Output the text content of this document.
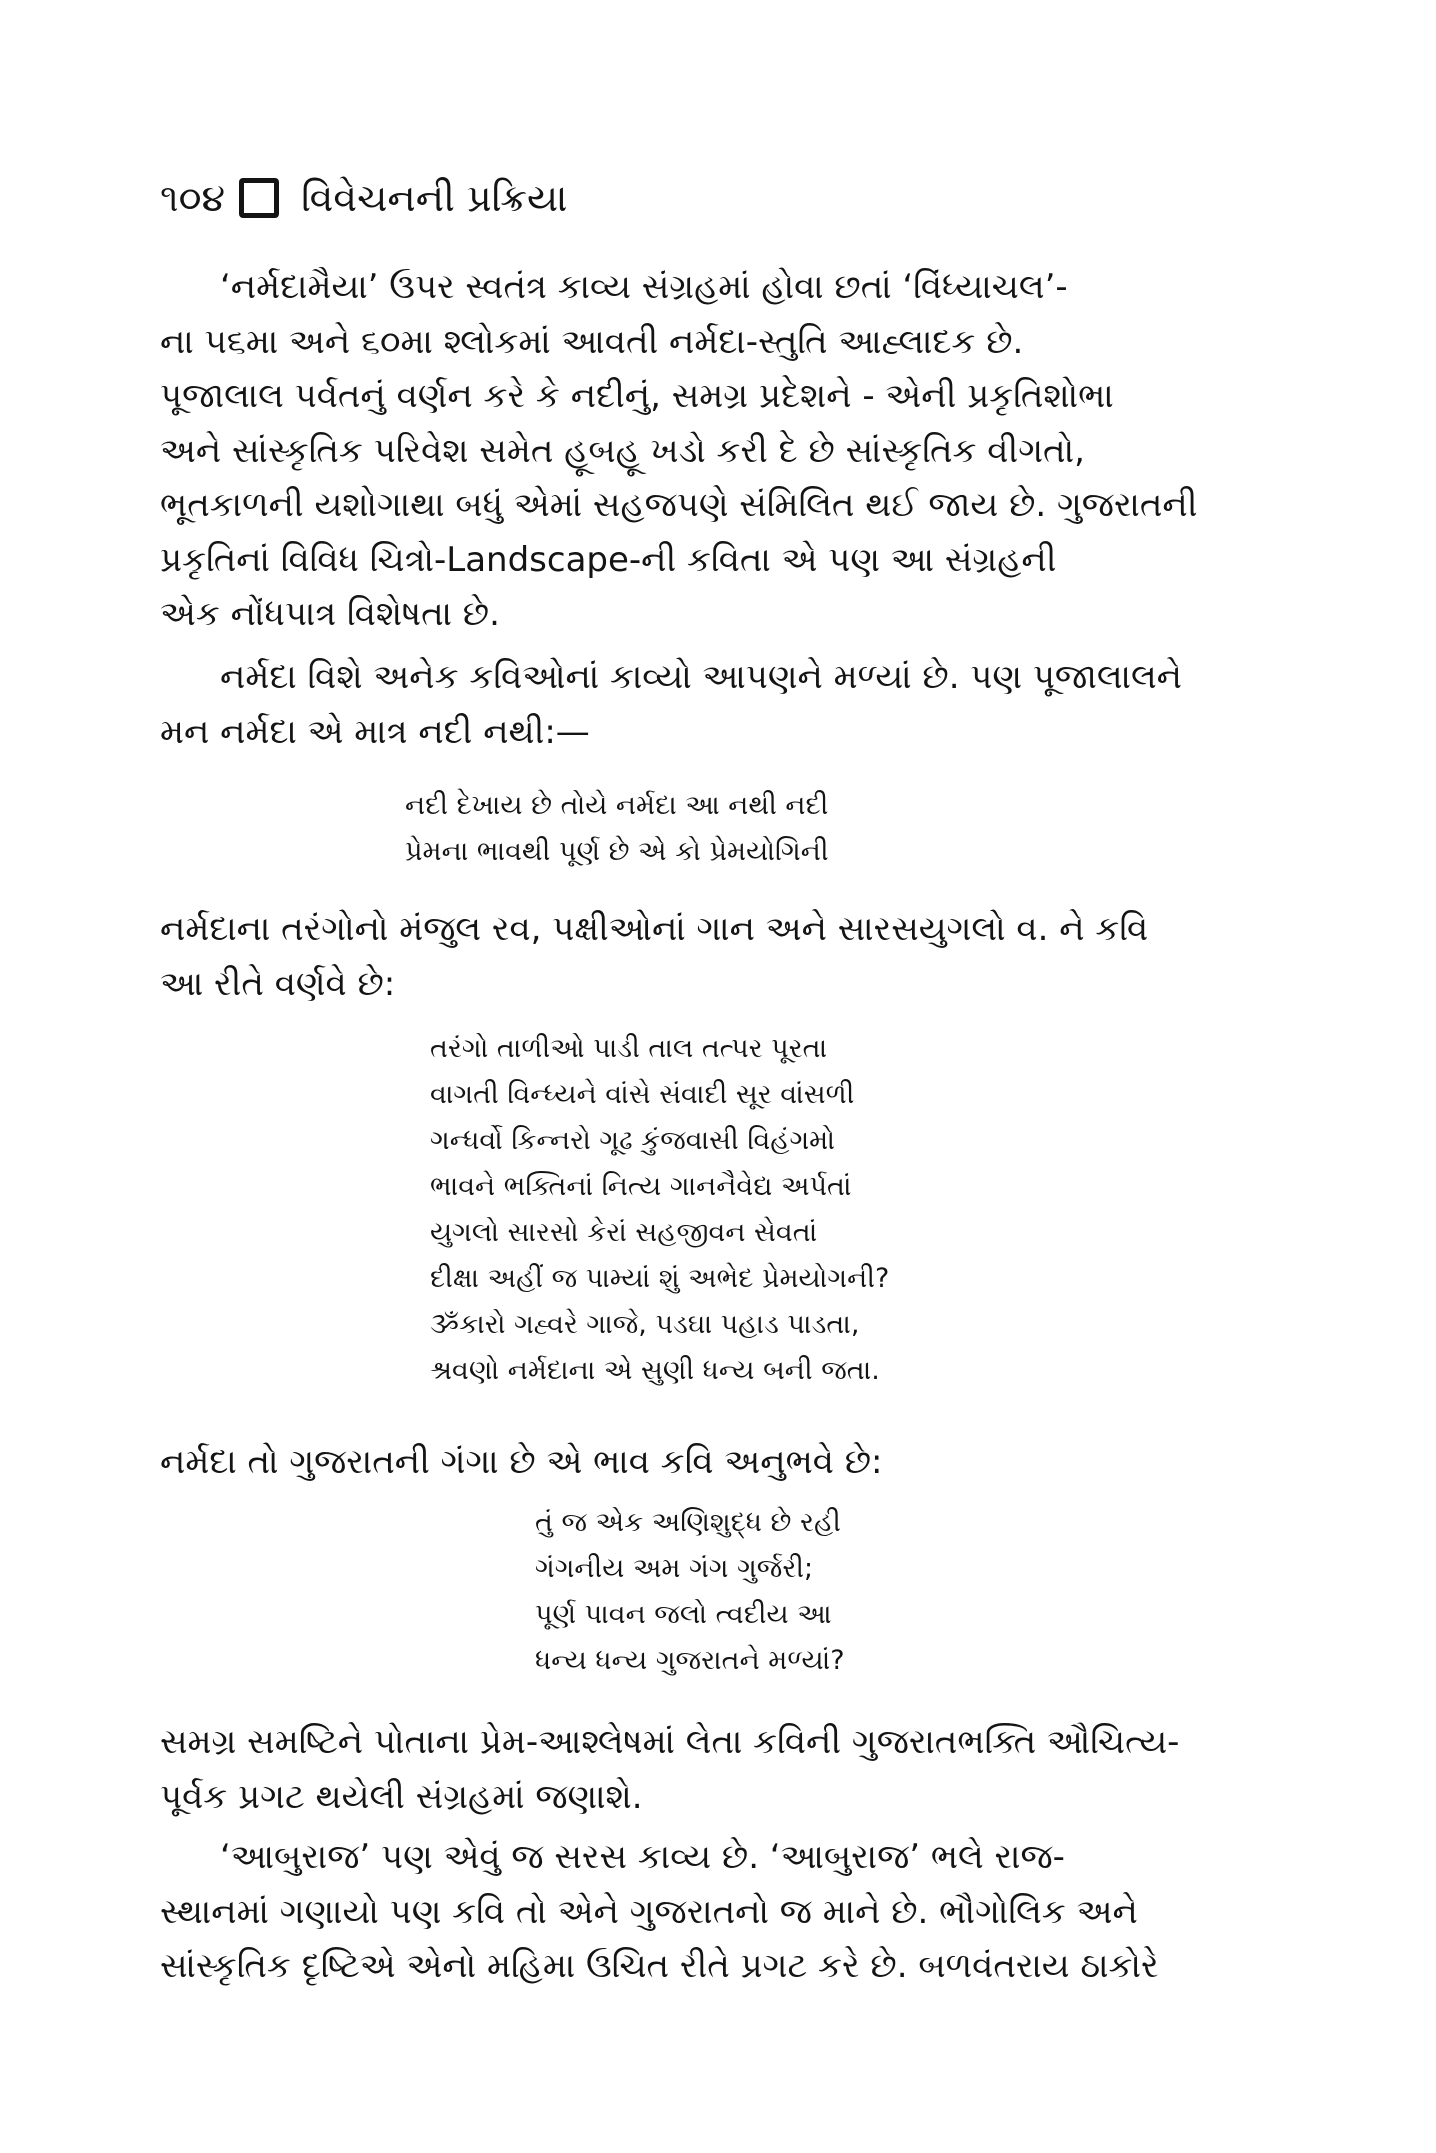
૧૦૪ વિવેચનની પ્રક્રિયા
‘નર્મદામૈયા’ ઉપર સ્વતંત્ર કાવ્ય સંગ્રહમાં હોવા છતાં ‘વિંધ્યાચલ’-
ના ૫૬મા અને ૬૦મા શ્લોકમાં આવતી નર્મદા-સ્તુતિ આહ્લાદક છે.
પૂજાલાલ પર્વતનું વર્ણન કરે કે નદીનું, સમગ્ર પ્રદેશને - એની પ્રકૃતિશોભા
અને સાંસ્કૃતિક પરિવેશ સમેત હૂબહૂ ખડો કરી દે છે સાંસ્કૃતિક વીગતો,
ભૂતકાળની યશોગાથા બધું એમાં સહજપણે સંમિલિત થઈ જાય છે. ગુજરાતની
પ્રકૃતિનાં વિવિધ ચિત્રો-Landscape-ની કવિતા એ પણ આ સંગ્રહની
એક નોંધપાત્ર વિશેષતા છે.
નર્મદા વિશે અનેક કવિઓનાં કાવ્યો આપણને મળ્યાં છે. પણ પૂજાલાલને
મન નર્મદા એ માત્ર નદી નથી:—
નદી દેખાય છે તોયે નર્મદા આ નથી નદી
પ્રેમના ભાવથી પૂર્ણ છે એ કો પ્રેમયોગિની
નર્મદાના તરંગોનો મંજુલ રવ, પક્ષીઓનાં ગાન અને સારસયુગલો વ. ને કવિ
આ રીતે વર્ણવે છે:
તરંગો તાળીઓ પાડી તાલ તત્પર પૂરતા
વાગતી વિન્ધ્યને વાંસે સંવાદી સૂર વાંસળી
ગન્ધર્વો કિન્નરો ગૂઢ કુંજવાસી વિહંગમો
ભાવને ભક્તિનાં નિત્ય ગાનનૈવેદ્ય અર્પતાં
યુગલો સારસો કેરાં સહજીવન સેવતાં
દીક્ષા અહીં જ પામ્યાં શું અભેદ પ્રેમયોગની?
ૐકારો ગહ્વરે ગાજે, પડઘા પહાડ પાડતા,
શ્રવણો નર્મદાના એ સુણી ધન્ય બની જતા.
નર્મદા તો ગુજરાતની ગંગા છે એ ભાવ કવિ અનુભવે છે:
તું જ એક અણિશુદ્ધ છે રહી
ગંગનીય અમ ગંગ ગુર્જરી;
પૂર્ણ પાવન જલો ત્વદીય આ
ધન્ય ધન્ય ગુજરાતને મળ્યાં?
સમગ્ર સમષ્ટિને પોતાના પ્રેમ-આશ્લેષમાં લેતા કવિની ગુજરાતભક્તિ ઔચિત્ય-
પૂર્વક પ્રગટ થયેલી સંગ્રહમાં જણાશે.
‘આબુરાજ’ પણ એવું જ સરસ કાવ્ય છે. ‘આબુરાજ’ ભલે રાજ-
સ્થાનમાં ગણાયો પણ કવિ તો એને ગુજરાતનો જ માને છે. ભૌગોલિક અને
સાંસ્કૃતિક દૃષ્ટિએ એનો મહિમા ઉચિત રીતે પ્રગટ કરે છે. બળવંતરાય ઠાકોરે
